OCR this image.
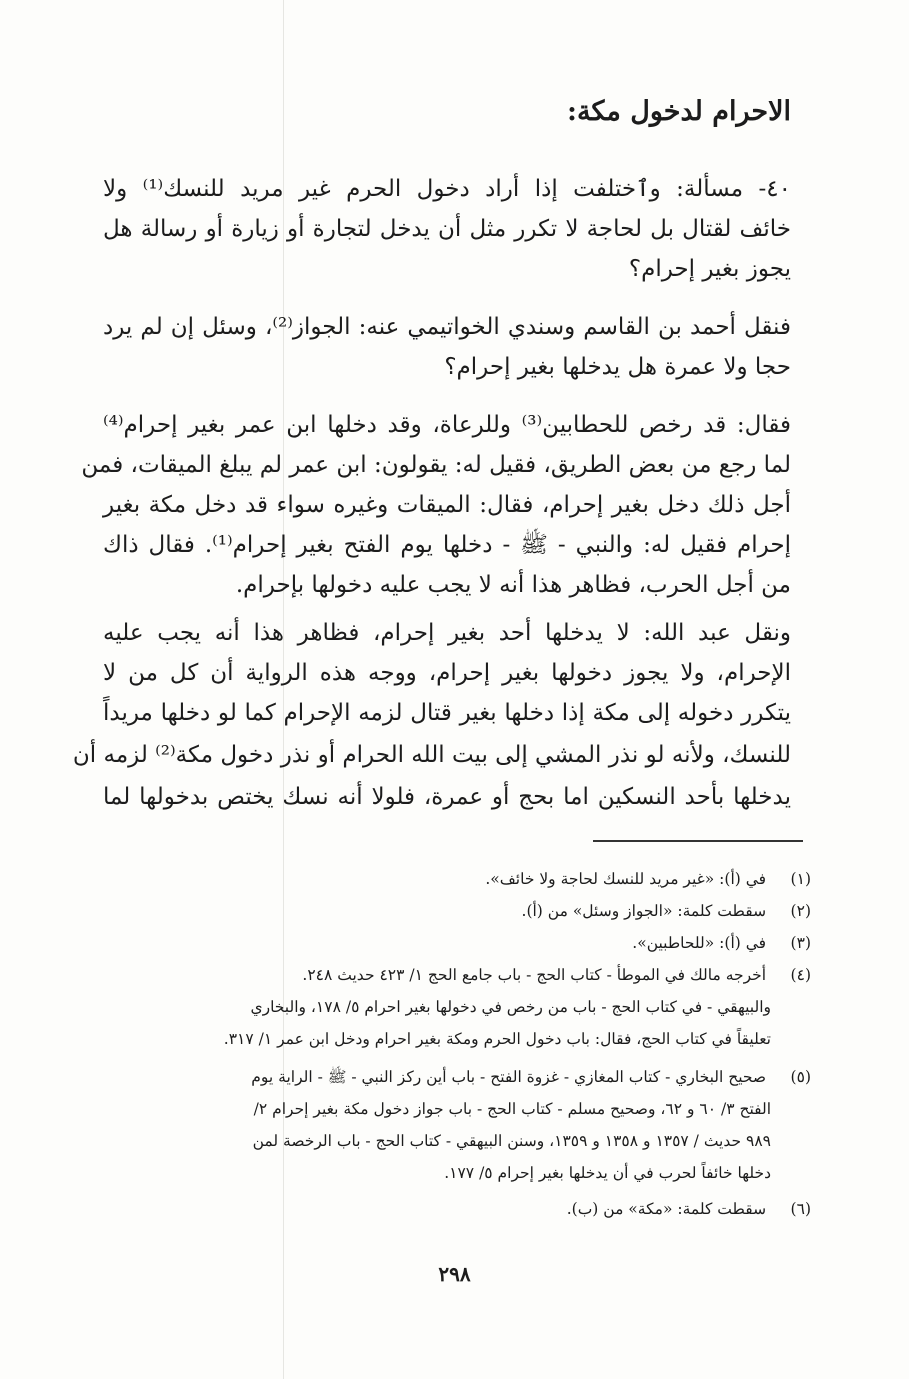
الاحرام لدخول مكة:
٤٠- مسألة: وٱختلفت إذا أراد دخول الحرم غير مريد للنسك⁽¹⁾ ولا
خائف لقتال بل لحاجة لا تكرر مثل أن يدخل لتجارة أو زيارة أو رسالة هل
يجوز بغير إحرام؟
فنقل أحمد بن القاسم وسندي الخواتيمي عنه: الجواز⁽²⁾، وسئل إن لم يرد
حجا ولا عمرة هل يدخلها بغير إحرام؟
فقال: قد رخص للحطابين⁽³⁾ وللرعاة، وقد دخلها ابن عمر بغير إحرام⁽⁴⁾
لما رجع من بعض الطريق، فقيل له: يقولون: ابن عمر لم يبلغ الميقات، فمن
أجل ذلك دخل بغير إحرام، فقال: الميقات وغيره سواء قد دخل مكة بغير
إحرام فقيل له: والنبي - ﷺ - دخلها يوم الفتح بغير إحرام⁽¹⁾. فقال ذاك
من أجل الحرب، فظاهر هذا أنه لا يجب عليه دخولها بإحرام.
ونقل عبد الله: لا يدخلها أحد بغير إحرام، فظاهر هذا أنه يجب عليه
الإحرام، ولا يجوز دخولها بغير إحرام، ووجه هذه الرواية أن كل من لا
يتكرر دخوله إلى مكة إذا دخلها بغير قتال لزمه الإحرام كما لو دخلها مريداً
للنسك، ولأنه لو نذر المشي إلى بيت الله الحرام أو نذر دخول مكة⁽²⁾ لزمه أن
يدخلها بأحد النسكين اما بحج أو عمرة، فلولا أنه نسك يختص بدخولها لما
(١) في (أ): «غير مريد للنسك لحاجة ولا خائف».
(٢) سقطت كلمة: «الجواز وسئل» من (أ).
(٣) في (أ): «للحاطبين».
(٤) أخرجه مالك في الموطأ - كتاب الحج - باب جامع الحج ١/ ٤٢٣ حديث ٢٤٨.
والبيهقي - في كتاب الحج - باب من رخص في دخولها بغير احرام ٥/ ١٧٨، والبخاري
تعليقاً في كتاب الحج، فقال: باب دخول الحرم ومكة بغير احرام ودخل ابن عمر ١/ ٣١٧.
(٥) صحيح البخاري - كتاب المغازي - غزوة الفتح - باب أين ركز النبي - ﷺ - الراية يوم
الفتح ٣/ ٦٠ و ٦٢، وصحيح مسلم - كتاب الحج - باب جواز دخول مكة بغير إحرام ٢/
٩٨٩ حديث / ١٣٥٧ و ١٣٥٨ و ١٣٥٩، وسنن البيهقي - كتاب الحج - باب الرخصة لمن
دخلها خائفاً لحرب في أن يدخلها بغير إحرام ٥/ ١٧٧.
(٦) سقطت كلمة: «مكة» من (ب).
٢٩٨
